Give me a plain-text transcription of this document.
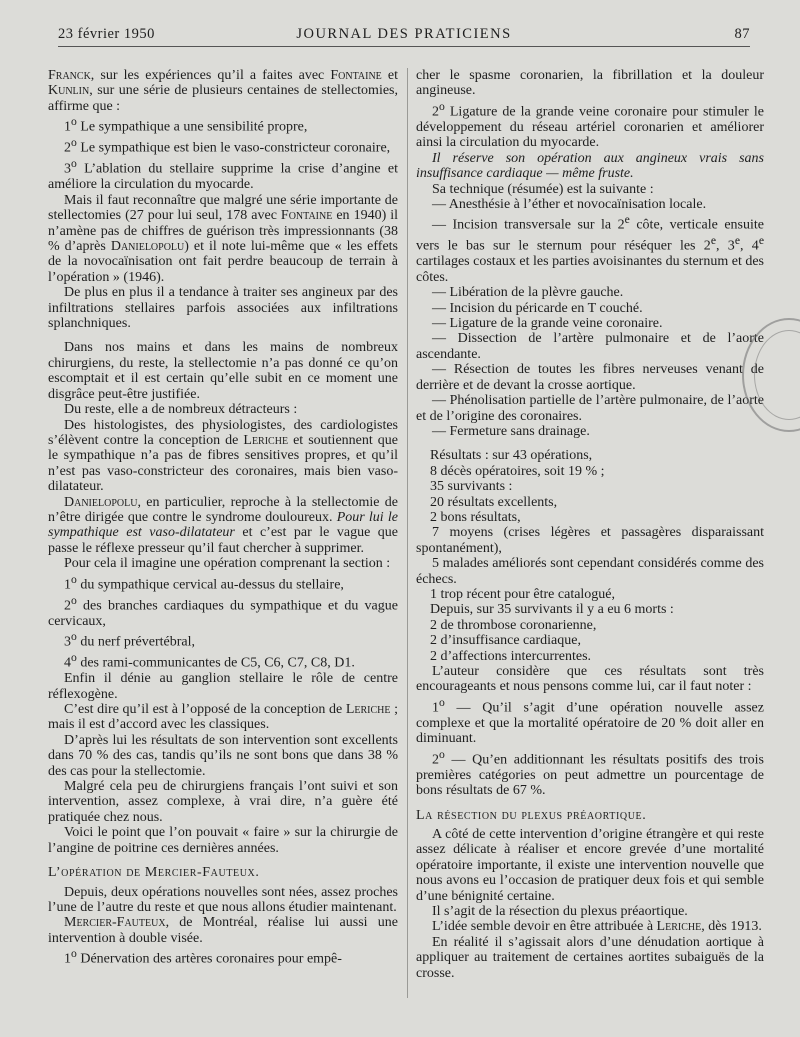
23 février 1950	JOURNAL DES PRATICIENS	87

Franck, sur les expériences qu’il a faites avec Fontaine et Kunlin, sur une série de plusieurs centaines de stellectomies, affirme que :

1$^o$ Le sympathique a une sensibilité propre,

2$^o$ Le sympathique est bien le vaso-constricteur coronaire,

3$^o$ L’ablation du stellaire supprime la crise d’angine et améliore la circulation du myocarde.

Mais il faut reconnaître que malgré une série importante de stellectomies (27 pour lui seul, 178 avec Fontaine en 1940) il n’amène pas de chiffres de guérison très impressionnants (38 % d’après Danielopolu) et il note lui-même que « les effets de la novocaïnisation ont fait perdre beaucoup de terrain à l’opération » (1946).

De plus en plus il a tendance à traiter ses angineux par des infiltrations stellaires parfois associées aux infiltrations splanchniques.

Dans nos mains et dans les mains de nombreux chirurgiens, du reste, la stellectomie n’a pas donné ce qu’on escomptait et il est certain qu’elle subit en ce moment une disgrâce peut-être justifiée.

Du reste, elle a de nombreux détracteurs :

Des histologistes, des physiologistes, des cardiologistes s’élèvent contre la conception de Leriche et soutiennent que le sympathique n’a pas de fibres sensitives propres, et qu’il n’est pas vaso-constricteur des coronaires, mais bien vaso-dilatateur.

Danielopolu, en particulier, reproche à la stellectomie de n’être dirigée que contre le syndrome douloureux. Pour lui le sympathique est vaso-dilatateur et c’est par le vague que passe le réflexe presseur qu’il faut chercher à supprimer.

Pour cela il imagine une opération comprenant la section :

1$^o$ du sympathique cervical au-dessus du stellaire,

2$^o$ des branches cardiaques du sympathique et du vague cervicaux,

3$^o$ du nerf prévertébral,

4$^o$ des rami-communicantes de C5, C6, C7, C8, D1.

Enfin il dénie au ganglion stellaire le rôle de centre réflexogène.

C’est dire qu’il est à l’opposé de la conception de Leriche ; mais il est d’accord avec les classiques.

D’après lui les résultats de son intervention sont excellents dans 70 % des cas, tandis qu’ils ne sont bons que dans 38 % des cas pour la stellectomie.

Malgré cela peu de chirurgiens français l’ont suivi et son intervention, assez complexe, à vrai dire, n’a guère été pratiquée chez nous.

Voici le point que l’on pouvait « faire » sur la chirurgie de l’angine de poitrine ces dernières années.

L’opération de Mercier-Fauteux.

Depuis, deux opérations nouvelles sont nées, assez proches l’une de l’autre du reste et que nous allons étudier maintenant.

Mercier-Fauteux, de Montréal, réalise lui aussi une intervention à double visée.

1$^o$ Dénervation des artères coronaires pour empê-

cher le spasme coronarien, la fibrillation et la douleur angineuse.

2$^o$ Ligature de la grande veine coronaire pour stimuler le développement du réseau artériel coronarien et améliorer ainsi la circulation du myocarde.

Il réserve son opération aux angineux vrais sans insuffisance cardiaque — même fruste.

Sa technique (résumée) est la suivante :

— Anesthésie à l’éther et novocaïnisation locale.

— Incision transversale sur la 2e côte, verticale ensuite vers le bas sur le sternum pour réséquer les 2e, 3e, 4e cartilages costaux et les parties avoisinantes du sternum et des côtes.

— Libération de la plèvre gauche.

— Incision du péricarde en T couché.

— Ligature de la grande veine coronaire.

— Dissection de l’artère pulmonaire et de l’aorte ascendante.

— Résection de toutes les fibres nerveuses venant de derrière et de devant la crosse aortique.

— Phénolisation partielle de l’artère pulmonaire, de l’aorte et de l’origine des coronaires.

— Fermeture sans drainage.

Résultats : sur 43 opérations,

8 décès opératoires, soit 19 % ;

35 survivants :

20 résultats excellents,

2 bons résultats,

7 moyens (crises légères et passagères disparaissant spontanément),

5 malades améliorés sont cependant considérés comme des échecs.

1 trop récent pour être catalogué,

Depuis, sur 35 survivants il y a eu 6 morts :

2 de thrombose coronarienne,

2 d’insuffisance cardiaque,

2 d’affections intercurrentes.

L’auteur considère que ces résultats sont très encourageants et nous pensons comme lui, car il faut noter :

1$^o$ — Qu’il s’agit d’une opération nouvelle assez complexe et que la mortalité opératoire de 20 % doit aller en diminuant.

2$^o$ — Qu’en additionnant les résultats positifs des trois premières catégories on peut admettre un pourcentage de bons résultats de 67 %.

La résection du plexus préaortique.

A côté de cette intervention d’origine étrangère et qui reste assez délicate à réaliser et encore grevée d’une mortalité opératoire importante, il existe une intervention nouvelle que nous avons eu l’occasion de pratiquer deux fois et qui semble d’une bénignité certaine.

Il s’agit de la résection du plexus préaortique.

L’idée semble devoir en être attribuée à Leriche, dès 1913.

En réalité il s’agissait alors d’une dénudation aortique à appliquer au traitement de certaines aortites subaiguës de la crosse.
